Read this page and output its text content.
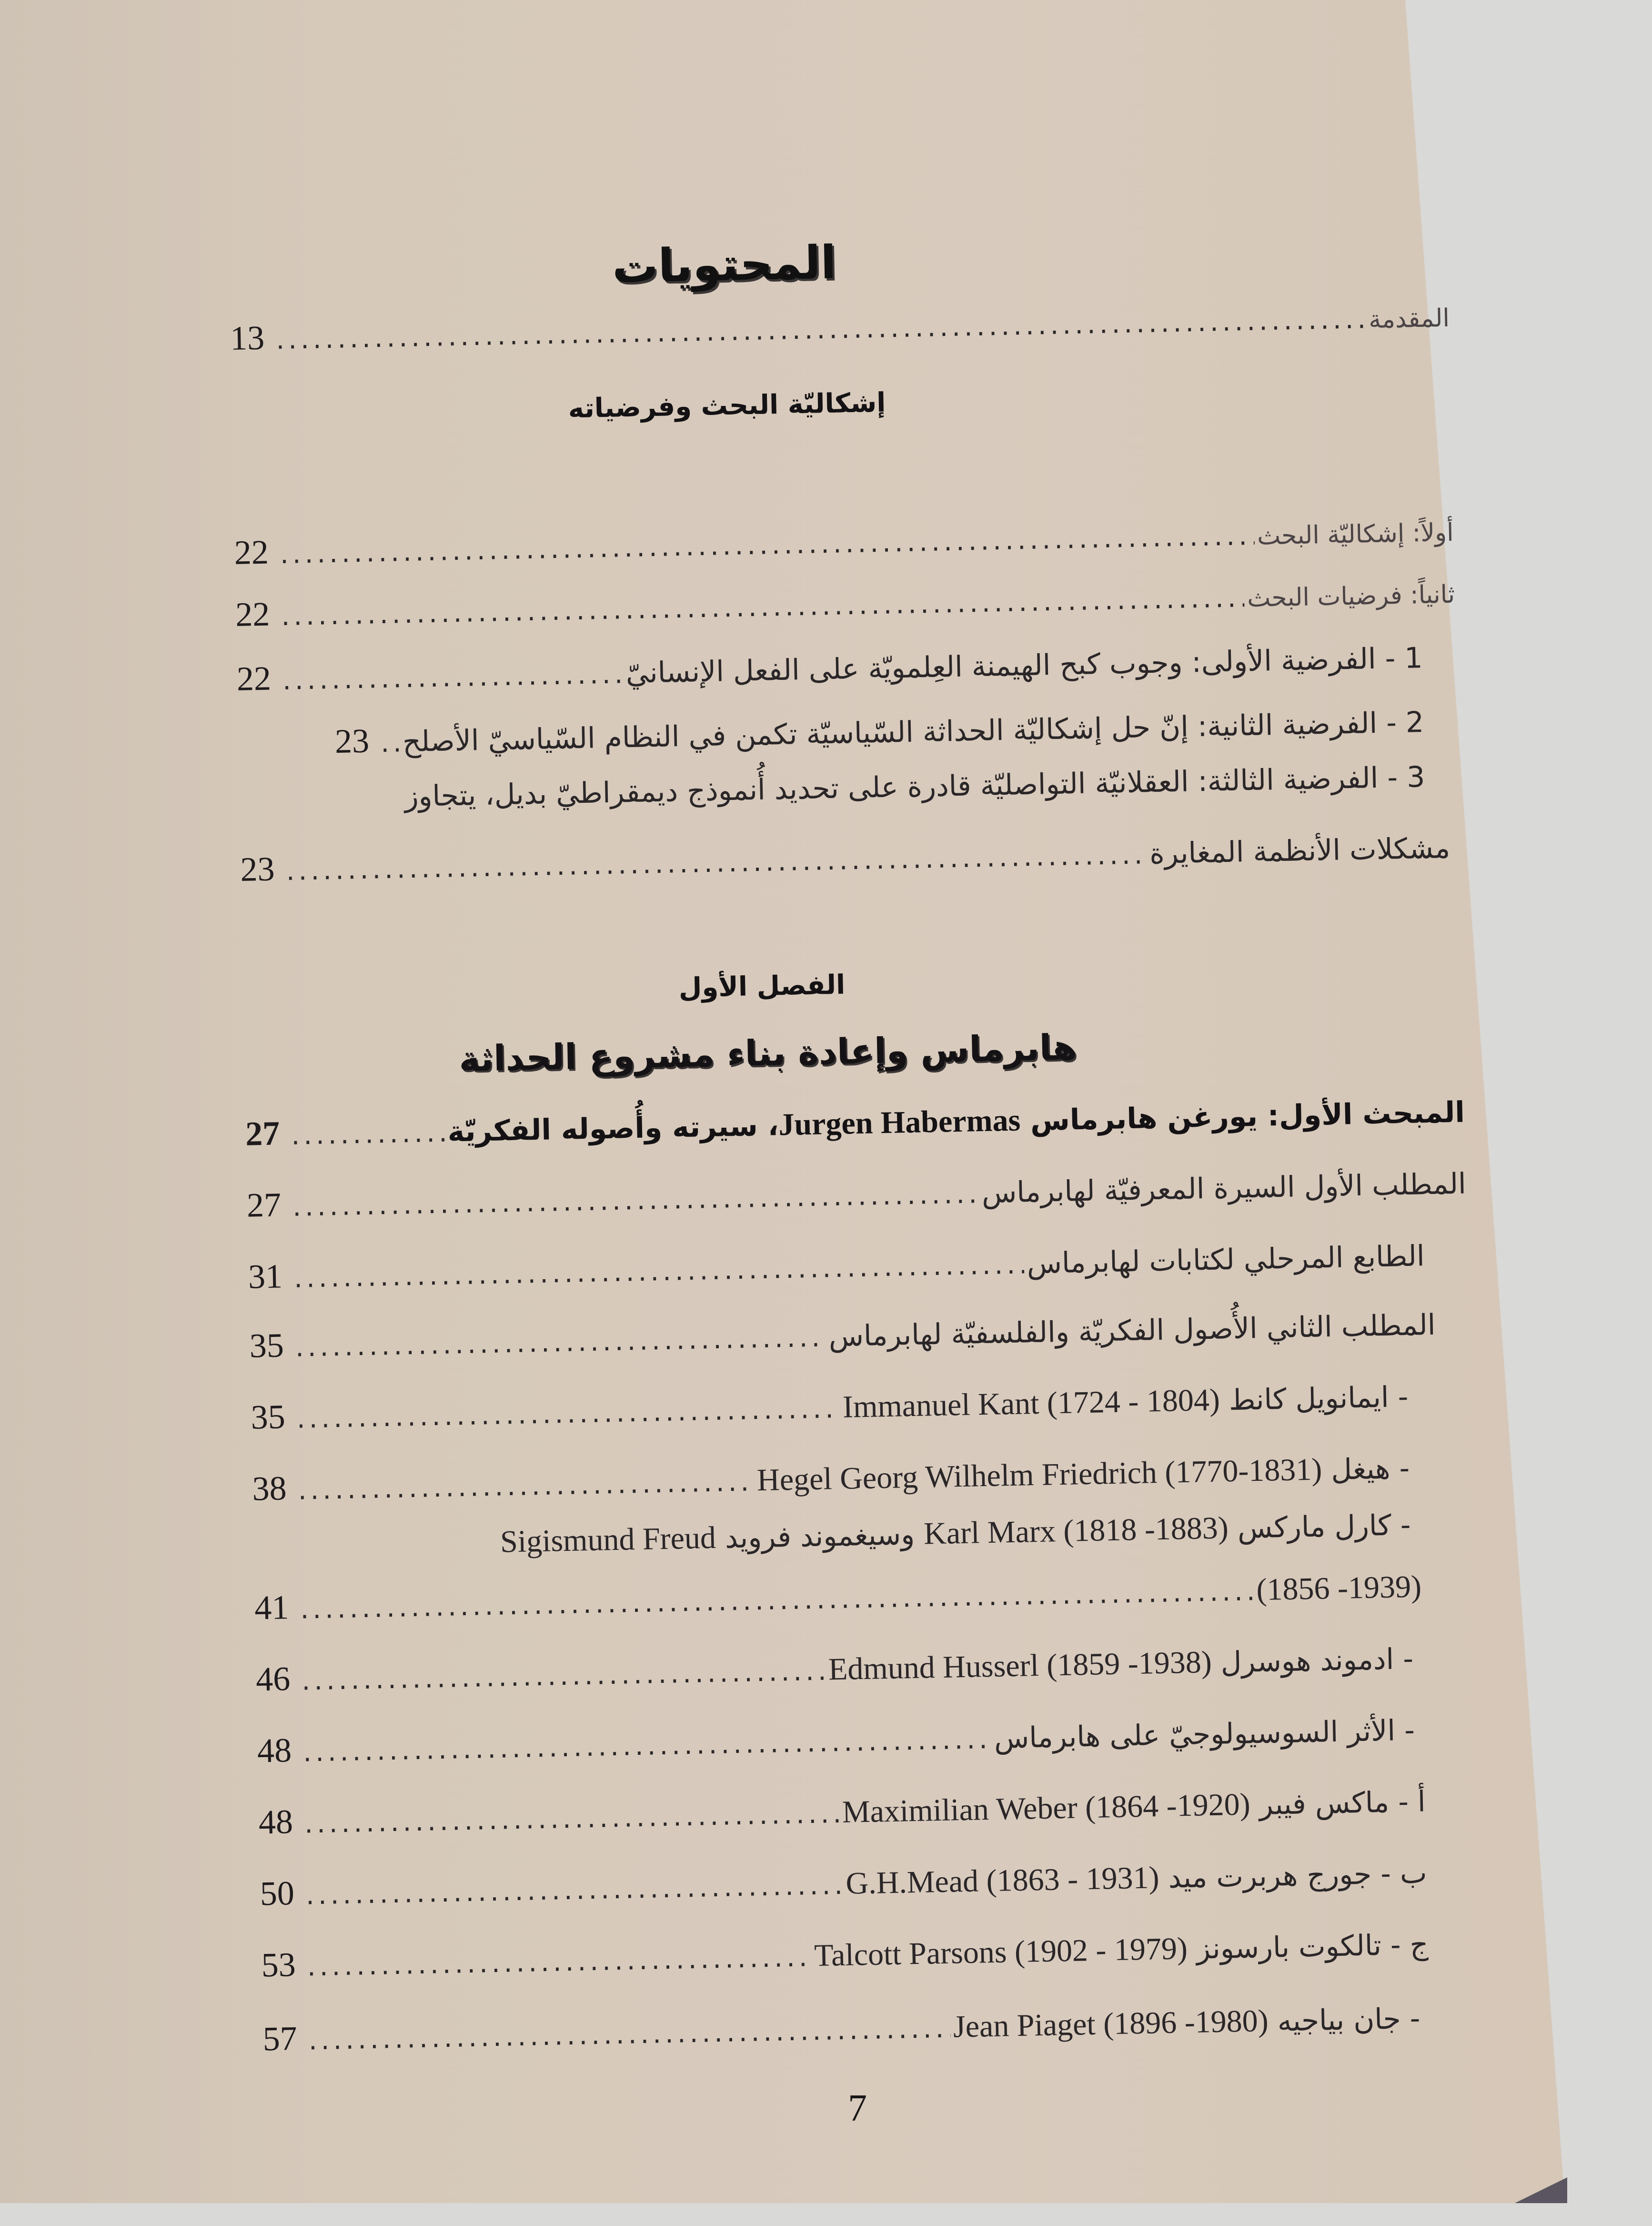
المحتويات
المقدمة
.....
13
إشكاليّة البحث وفرضياته
أولاً: إشكاليّة البحث
.....
22
ثانياً: فرضيات البحث
.....
22
1 - الفرضية الأولى: وجوب كبح الهيمنة العِلمويّة على الفعل الإنسانيّ
.....
22
2 - الفرضية الثانية: إنّ حل إشكاليّة الحداثة السّياسيّة تكمن في النظام السّياسيّ الأصلح
.....
23
3 - الفرضية الثالثة: العقلانيّة التواصليّة قادرة على تحديد أُنموذج ديمقراطيّ بديل، يتجاوز
مشكلات الأنظمة المغايرة
.....
23
الفصل الأول
هابرماس وإعادة بناء مشروع الحداثة
المبحث الأول: يورغن هابرماس Jurgen Habermas، سيرته وأُصوله الفكريّة
.....
27
المطلب الأول السيرة المعرفيّة لهابرماس
.....
27
الطابع المرحلي لكتابات لهابرماس
.....
31
المطلب الثاني الأُصول الفكريّة والفلسفيّة لهابرماس
.....
35
- ايمانويل كانط Immanuel Kant (1724 - 1804)
.....
35
- هيغل Hegel Georg Wilhelm Friedrich (1770-1831)
.....
38
- كارل ماركس Karl Marx (1818 -1883) وسيغموند فرويد Sigismund Freud
(1856 -1939)
.....
41
- ادموند هوسرل Edmund Husserl (1859 -1938)
.....
46
- الأثر السوسيولوجيّ على هابرماس
.....
48
أ - ماكس فيبر Maximilian Weber (1864 -1920)
.....
48
ب - جورج هربرت ميد G.H.Mead (1863 - 1931)
.....
50
ج - تالكوت بارسونز Talcott Parsons (1902 - 1979)
.....
53
- جان بياجيه Jean Piaget (1896 -1980)
.....
57
7
